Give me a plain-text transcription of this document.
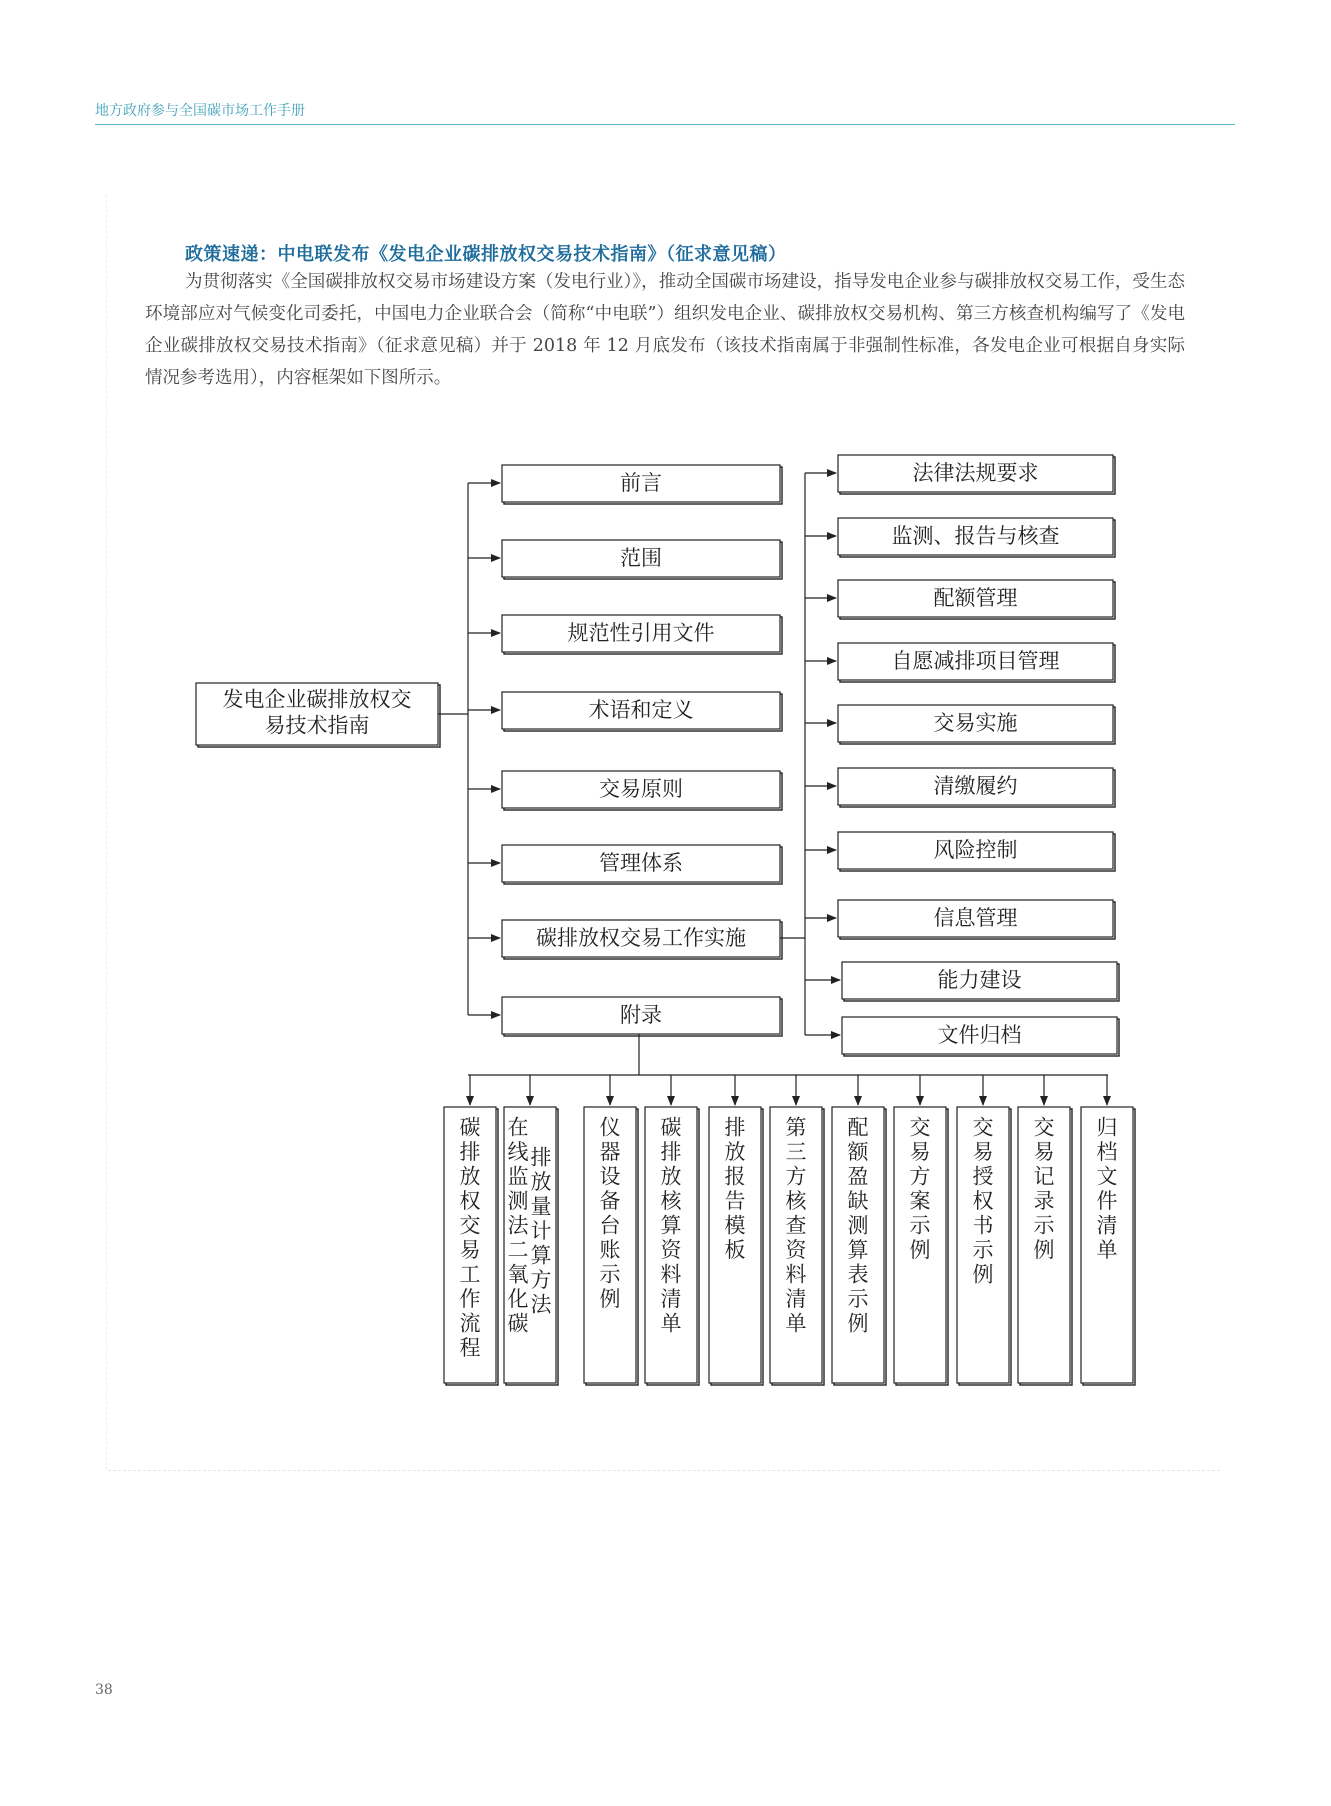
地方政府参与全国碳市场工作手册
政策速递：中电联发布《发电企业碳排放权交易技术指南》（征求意见稿）
为贯彻落实《全国碳排放权交易市场建设方案（发电行业）》，推动全国碳市场建设，指导发电企业参与碳排放权交易工作，受生态环境部应对气候变化司委托，中国电力企业联合会（简称“中电联”）组织发电企业、碳排放权交易机构、第三方核查机构编写了《发电企业碳排放权交易技术指南》（征求意见稿）并于 2018 年 12 月底发布（该技术指南属于非强制性标准，各发电企业可根据自身实际情况参考选用），内容框架如下图所示。
发电企业碳排放权交
易技术指南
前言
范围
规范性引用文件
术语和定义
交易原则
管理体系
碳排放权交易工作实施
附录
法律法规要求
监测、报告与核查
配额管理
自愿减排项目管理
交易实施
清缴履约
风险控制
信息管理
能力建设
文件归档
碳
排
放
权
交
易
工
作
流
程
排
放
量
计
算
方
法
在
线
监
测
法
二
氧
化
碳
仪
器
设
备
台
账
示
例
碳
排
放
核
算
资
料
清
单
排
放
报
告
模
板
第
三
方
核
查
资
料
清
单
配
额
盈
缺
测
算
表
示
例
交
易
方
案
示
例
交
易
授
权
书
示
例
交
易
记
录
示
例
归
档
文
件
清
单
38
